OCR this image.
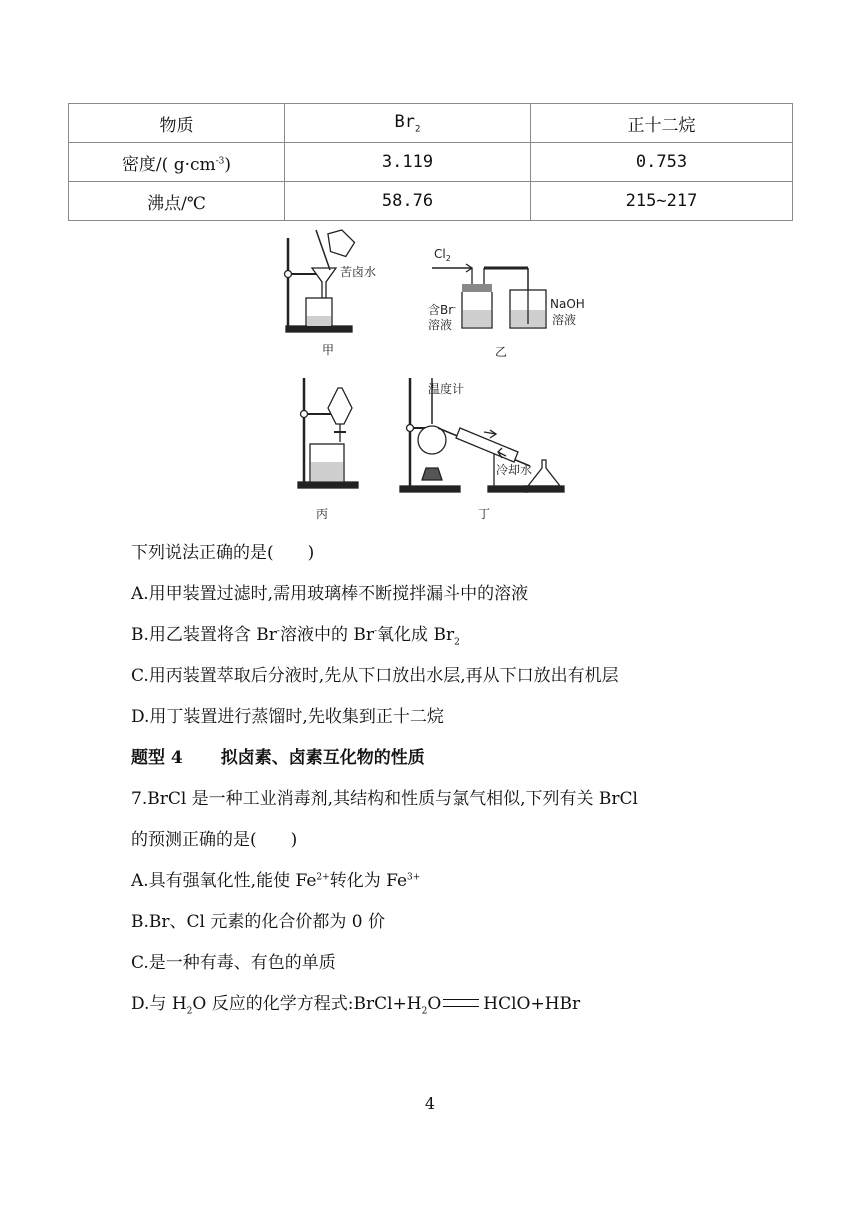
物质	$Br_2$	正十二烷
密度/( $g\cdot cm^{-3}$)	3.119	0.753
沸点/℃	58.76	215~217
甲
苦卤水
$Cl_2$
含Br-
溶液
NaOH
溶液
乙
丙
温度计
冷却水
丁
下列说法正确的是(　　)
A.用甲装置过滤时,需用玻璃棒不断搅拌漏斗中的溶液
B.用乙装置将含 Br-溶液中的 Br-氧化成 $Br_2$
C.用丙装置萃取后分液时,先从下口放出水层,再从下口放出有机层
D.用丁装置进行蒸馏时,先收集到正十二烷
题型 4 拟卤素、卤素互化物的性质
7.BrCl 是一种工业消毒剂,其结构和性质与氯气相似,下列有关 BrCl
的预测正确的是(　　)
A.具有强氧化性,能使 $Fe^{2+}$转化为 $Fe^{3+}$
B.Br、Cl 元素的化合价都为 0 价
C.是一种有毒、有色的单质
D.与 $H_2O$ 反应的化学方程式$:BrCl+H_2O$ HClO+HBr
4
